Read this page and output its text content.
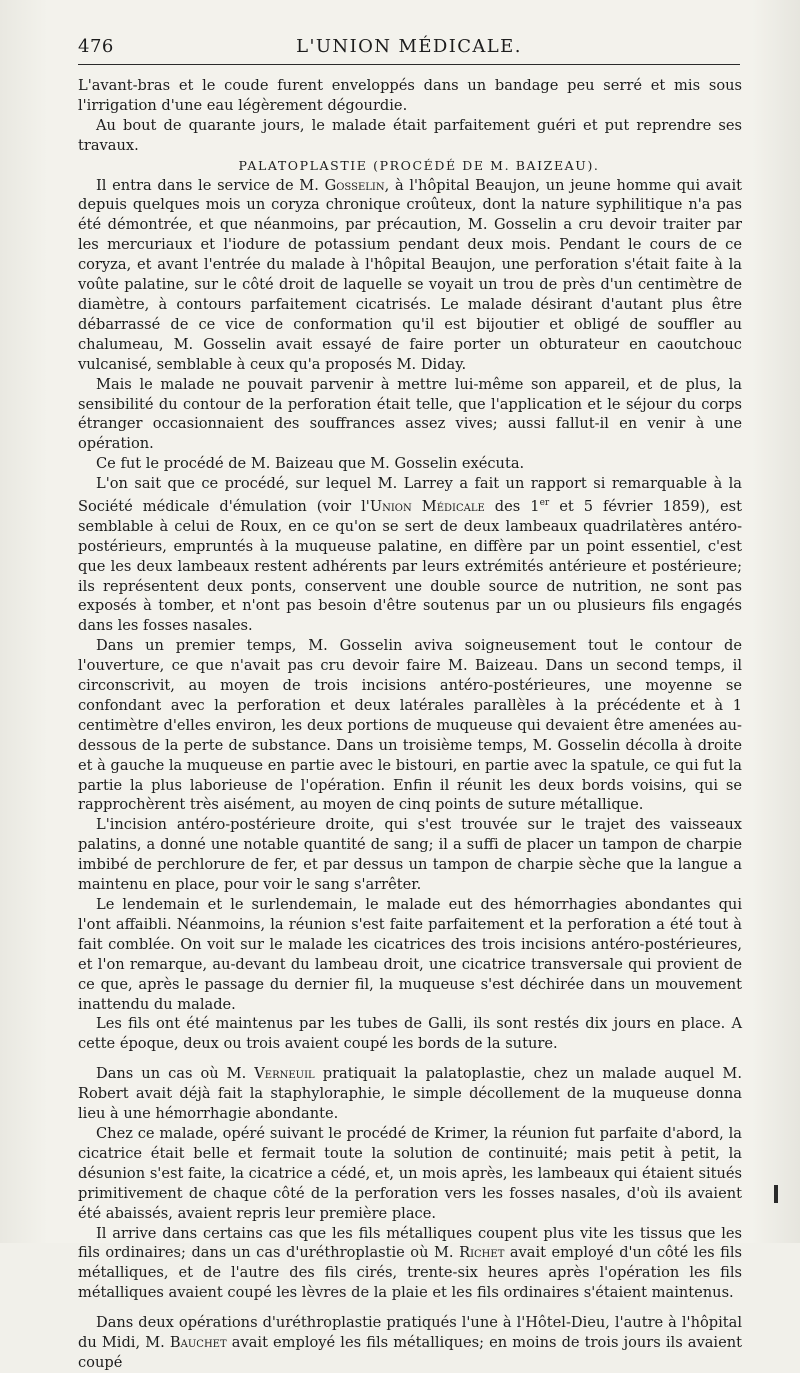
476	L'UNION MÉDICALE.

L'avant-bras et le coude furent enveloppés dans un bandage peu serré et mis sous l'irrigation d'une eau légèrement dégourdie.

Au bout de quarante jours, le malade était parfaitement guéri et put reprendre ses travaux.

PALATOPLASTIE (PROCÉDÉ DE M. BAIZEAU).

Il entra dans le service de M. Gosselin, à l'hôpital Beaujon, un jeune homme qui avait depuis quelques mois un coryza chronique croûteux, dont la nature syphilitique n'a pas été démontrée, et que néanmoins, par précaution, M. Gosselin a cru devoir traiter par les mercuriaux et l'iodure de potassium pendant deux mois. Pendant le cours de ce coryza, et avant l'entrée du malade à l'hôpital Beaujon, une perforation s'était faite à la voûte palatine, sur le côté droit de laquelle se voyait un trou de près d'un centimètre de diamètre, à contours parfaitement cicatrisés. Le malade désirant d'autant plus être débarrassé de ce vice de conformation qu'il est bijoutier et obligé de souffler au chalumeau, M. Gosselin avait essayé de faire porter un obturateur en caoutchouc vulcanisé, semblable à ceux qu'a proposés M. Diday.

Mais le malade ne pouvait parvenir à mettre lui-même son appareil, et de plus, la sensibilité du contour de la perforation était telle, que l'application et le séjour du corps étranger occasionnaient des souffrances assez vives; aussi fallut-il en venir à une opération.

Ce fut le procédé de M. Baizeau que M. Gosselin exécuta.

L'on sait que ce procédé, sur lequel M. Larrey a fait un rapport si remarquable à la Société médicale d'émulation (voir l'Union Médicale des 1er et 5 février 1859), est semblable à celui de Roux, en ce qu'on se sert de deux lambeaux quadrilatères antéro-postérieurs, empruntés à la muqueuse palatine, en diffère par un point essentiel, c'est que les deux lambeaux restent adhérents par leurs extrémités antérieure et postérieure; ils représentent deux ponts, conservent une double source de nutrition, ne sont pas exposés à tomber, et n'ont pas besoin d'être soutenus par un ou plusieurs fils engagés dans les fosses nasales.

Dans un premier temps, M. Gosselin aviva soigneusement tout le contour de l'ouverture, ce que n'avait pas cru devoir faire M. Baizeau. Dans un second temps, il circonscrivit, au moyen de trois incisions antéro-postérieures, une moyenne se confondant avec la perforation et deux latérales parallèles à la précédente et à 1 centimètre d'elles environ, les deux portions de muqueuse qui devaient être amenées au-dessous de la perte de substance. Dans un troisième temps, M. Gosselin décolla à droite et à gauche la muqueuse en partie avec le bistouri, en partie avec la spatule, ce qui fut la partie la plus laborieuse de l'opération. Enfin il réunit les deux bords voisins, qui se rapprochèrent très aisément, au moyen de cinq points de suture métallique.

L'incision antéro-postérieure droite, qui s'est trouvée sur le trajet des vaisseaux palatins, a donné une notable quantité de sang; il a suffi de placer un tampon de charpie imbibé de perchlorure de fer, et par dessus un tampon de charpie sèche que la langue a maintenu en place, pour voir le sang s'arrêter.

Le lendemain et le surlendemain, le malade eut des hémorrhagies abondantes qui l'ont affaibli. Néanmoins, la réunion s'est faite parfaitement et la perforation a été tout à fait comblée. On voit sur le malade les cicatrices des trois incisions antéro-postérieures, et l'on remarque, au-devant du lambeau droit, une cicatrice transversale qui provient de ce que, après le passage du dernier fil, la muqueuse s'est déchirée dans un mouvement inattendu du malade.

Les fils ont été maintenus par les tubes de Galli, ils sont restés dix jours en place. A cette époque, deux ou trois avaient coupé les bords de la suture.

Dans un cas où M. Verneuil pratiquait la palatoplastie, chez un malade auquel M. Robert avait déjà fait la staphyloraphie, le simple décollement de la muqueuse donna lieu à une hémorrhagie abondante.

Chez ce malade, opéré suivant le procédé de Krimer, la réunion fut parfaite d'abord, la cicatrice était belle et fermait toute la solution de continuité; mais petit à petit, la désunion s'est faite, la cicatrice a cédé, et, un mois après, les lambeaux qui étaient situés primitivement de chaque côté de la perforation vers les fosses nasales, d'où ils avaient été abaissés, avaient repris leur première place.

Il arrive dans certains cas que les fils métalliques coupent plus vite les tissus que les fils ordinaires; dans un cas d'uréthroplastie où M. Richet avait employé d'un côté les fils métalliques, et de l'autre des fils cirés, trente-six heures après l'opération les fils métalliques avaient coupé les lèvres de la plaie et les fils ordinaires s'étaient maintenus.

Dans deux opérations d'uréthroplastie pratiqués l'une à l'Hôtel-Dieu, l'autre à l'hôpital du Midi, M. Bauchet avait employé les fils métalliques; en moins de trois jours ils avaient coupé
